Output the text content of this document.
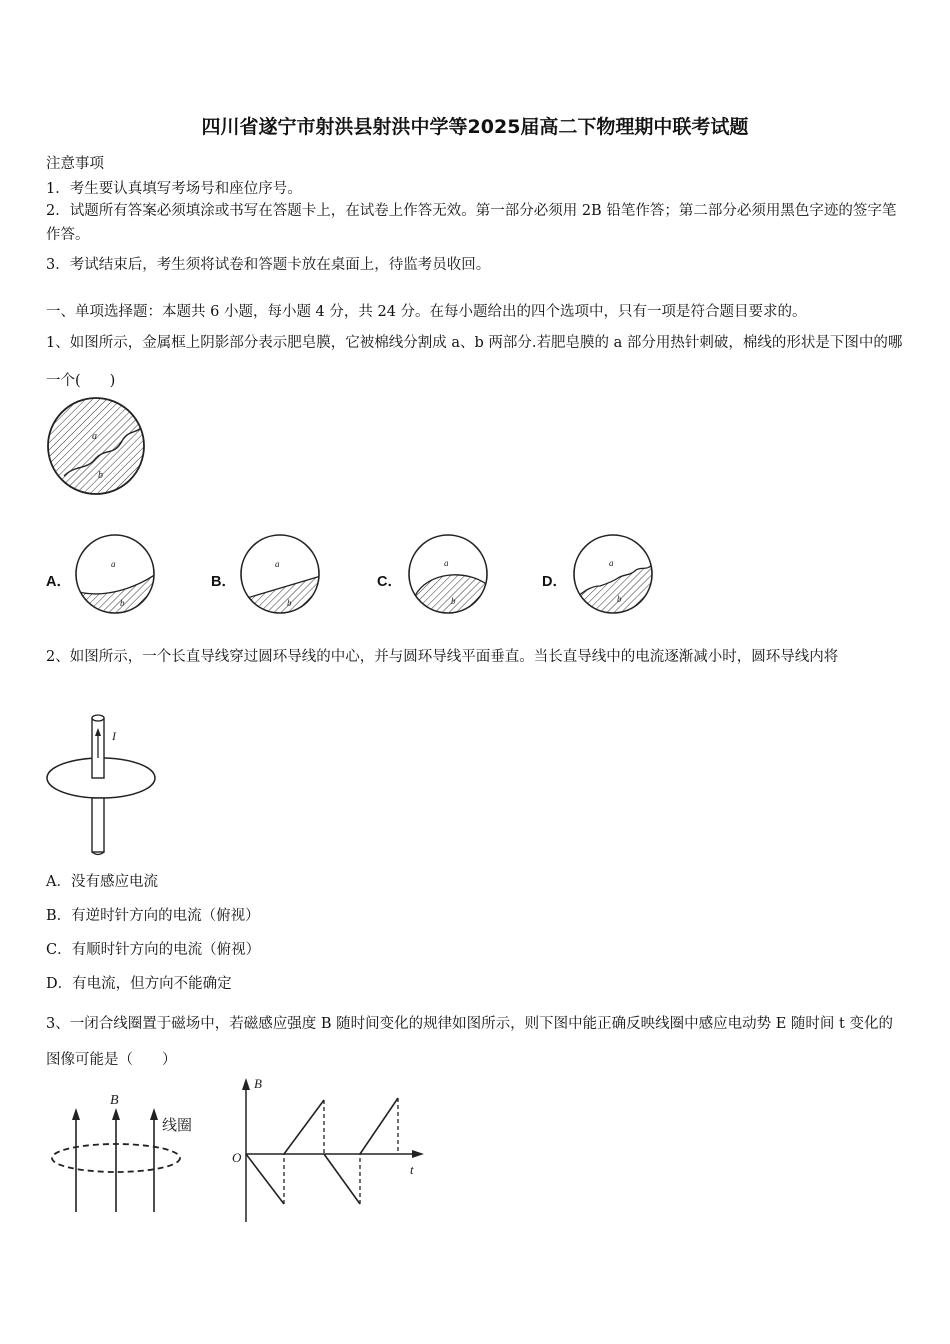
四川省遂宁市射洪县射洪中学等2025届高二下物理期中联考试题
注意事项
1．考生要认真填写考场号和座位序号。
2．试题所有答案必须填涂或书写在答题卡上，在试卷上作答无效。第一部分必须用 2B 铅笔作答；第二部分必须用黑色字迹的签字笔作答。
3．考试结束后，考生须将试卷和答题卡放在桌面上，待监考员收回。
一、单项选择题：本题共 6 小题，每小题 4 分，共 24 分。在每小题给出的四个选项中，只有一项是符合题目要求的。
1、如图所示，金属框上阴影部分表示肥皂膜，它被棉线分割成 a、b 两部分.若肥皂膜的 a 部分用热针刺破，棉线的形状是下图中的哪一个(　　)
a
b
A．
a
b
B．
a
b
C．
a
b
D．
a
b
2、如图所示，一个长直导线穿过圆环导线的中心，并与圆环导线平面垂直。当长直导线中的电流逐渐减小时，圆环导线内将
I
A．没有感应电流
B．有逆时针方向的电流（俯视）
C．有顺时针方向的电流（俯视）
D．有电流，但方向不能确定
3、一闭合线圈置于磁场中，若磁感应强度 B 随时间变化的规律如图所示，则下图中能正确反映线圈中感应电动势 E 随时间 t 变化的图像可能是（　　）
B
线圈
B
t
O
